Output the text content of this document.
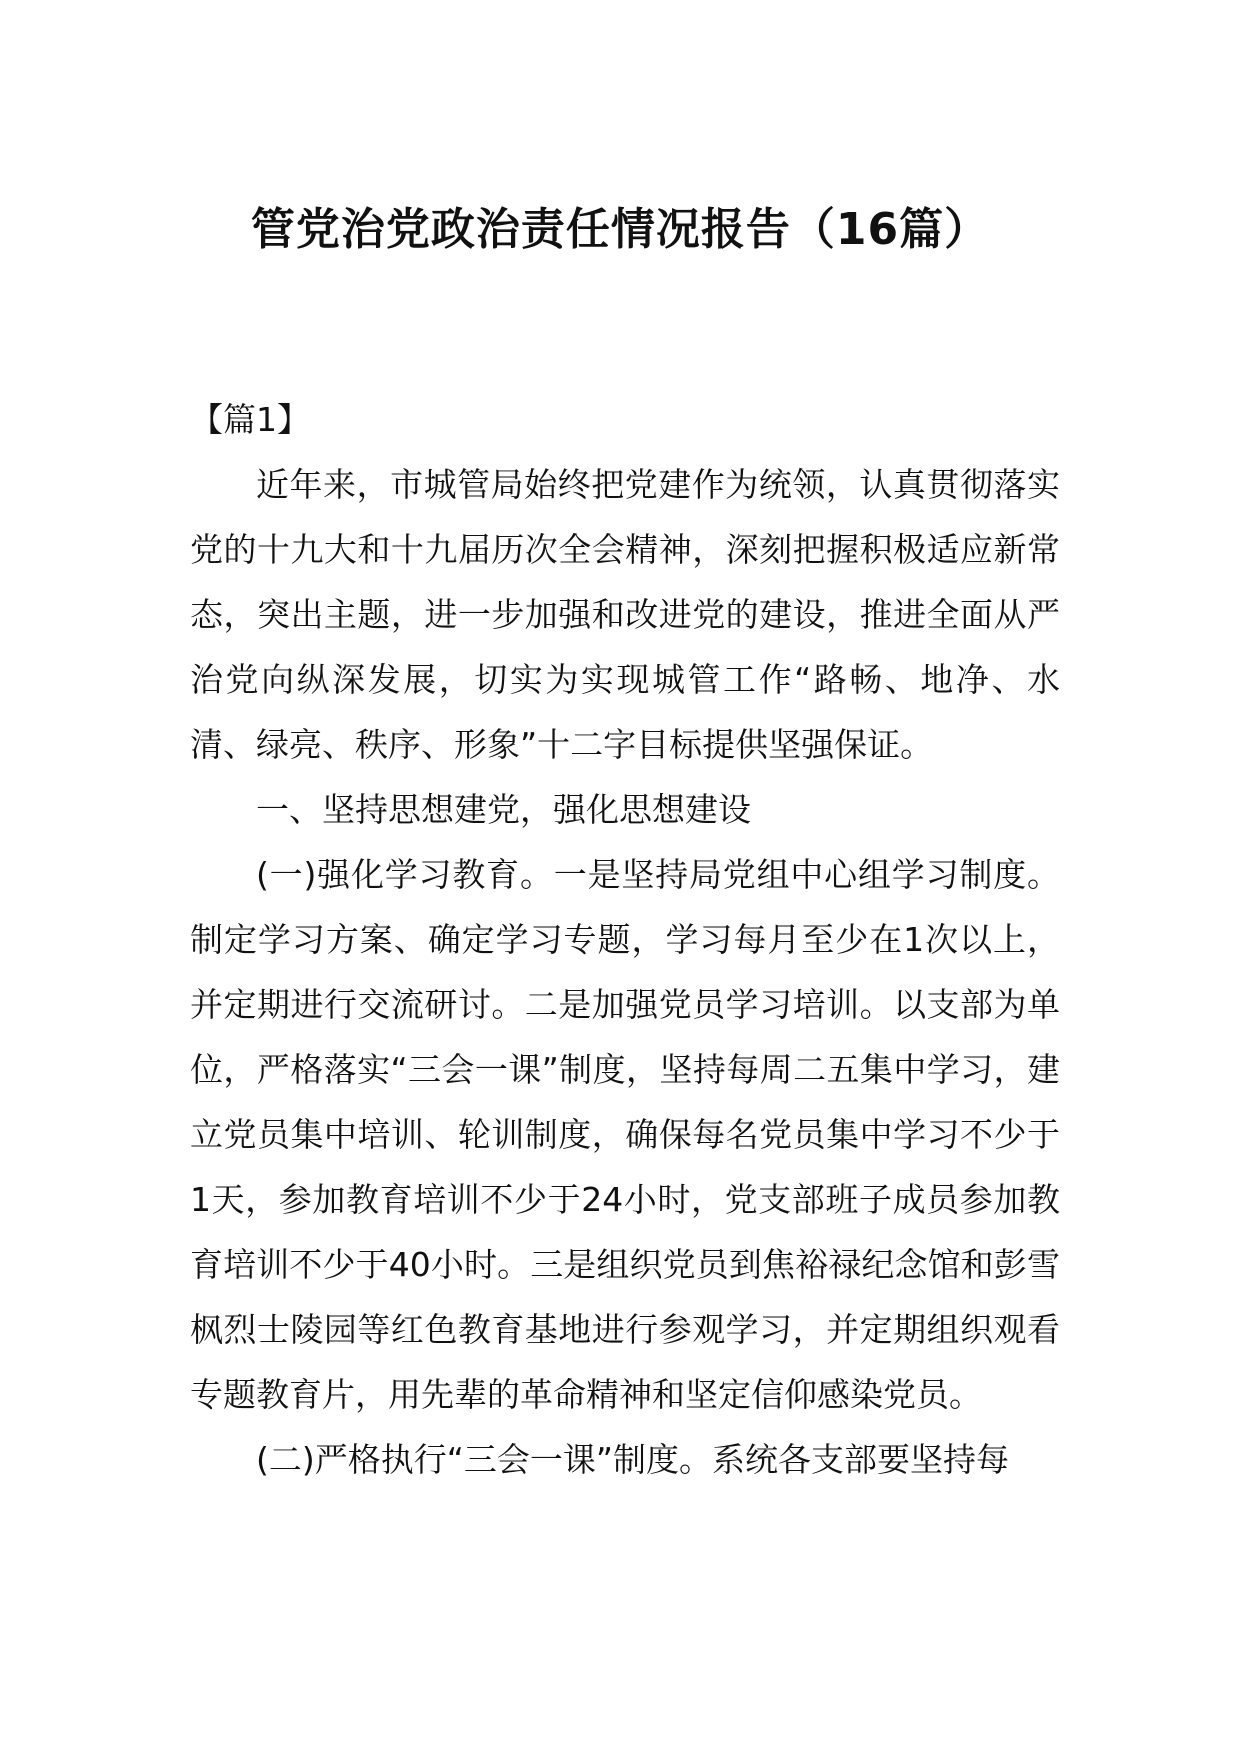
管党治党政治责任情况报告（16篇）

【篇1】

近年来，市城管局始终把党建作为统领，认真贯彻落实党的十九大和十九届历次全会精神，深刻把握积极适应新常态，突出主题，进一步加强和改进党的建设，推进全面从严治党向纵深发展，切实为实现城管工作“路畅、地净、水清、绿亮、秩序、形象”十二字目标提供坚强保证。

一、坚持思想建党，强化思想建设

(一)强化学习教育。一是坚持局党组中心组学习制度。制定学习方案、确定学习专题，学习每月至少在1次以上，并定期进行交流研讨。二是加强党员学习培训。以支部为单位，严格落实“三会一课”制度，坚持每周二五集中学习，建立党员集中培训、轮训制度，确保每名党员集中学习不少于1天，参加教育培训不少于24小时，党支部班子成员参加教育培训不少于40小时。三是组织党员到焦裕禄纪念馆和彭雪枫烈士陵园等红色教育基地进行参观学习，并定期组织观看专题教育片，用先辈的革命精神和坚定信仰感染党员。

(二)严格执行“三会一课”制度。系统各支部要坚持每
